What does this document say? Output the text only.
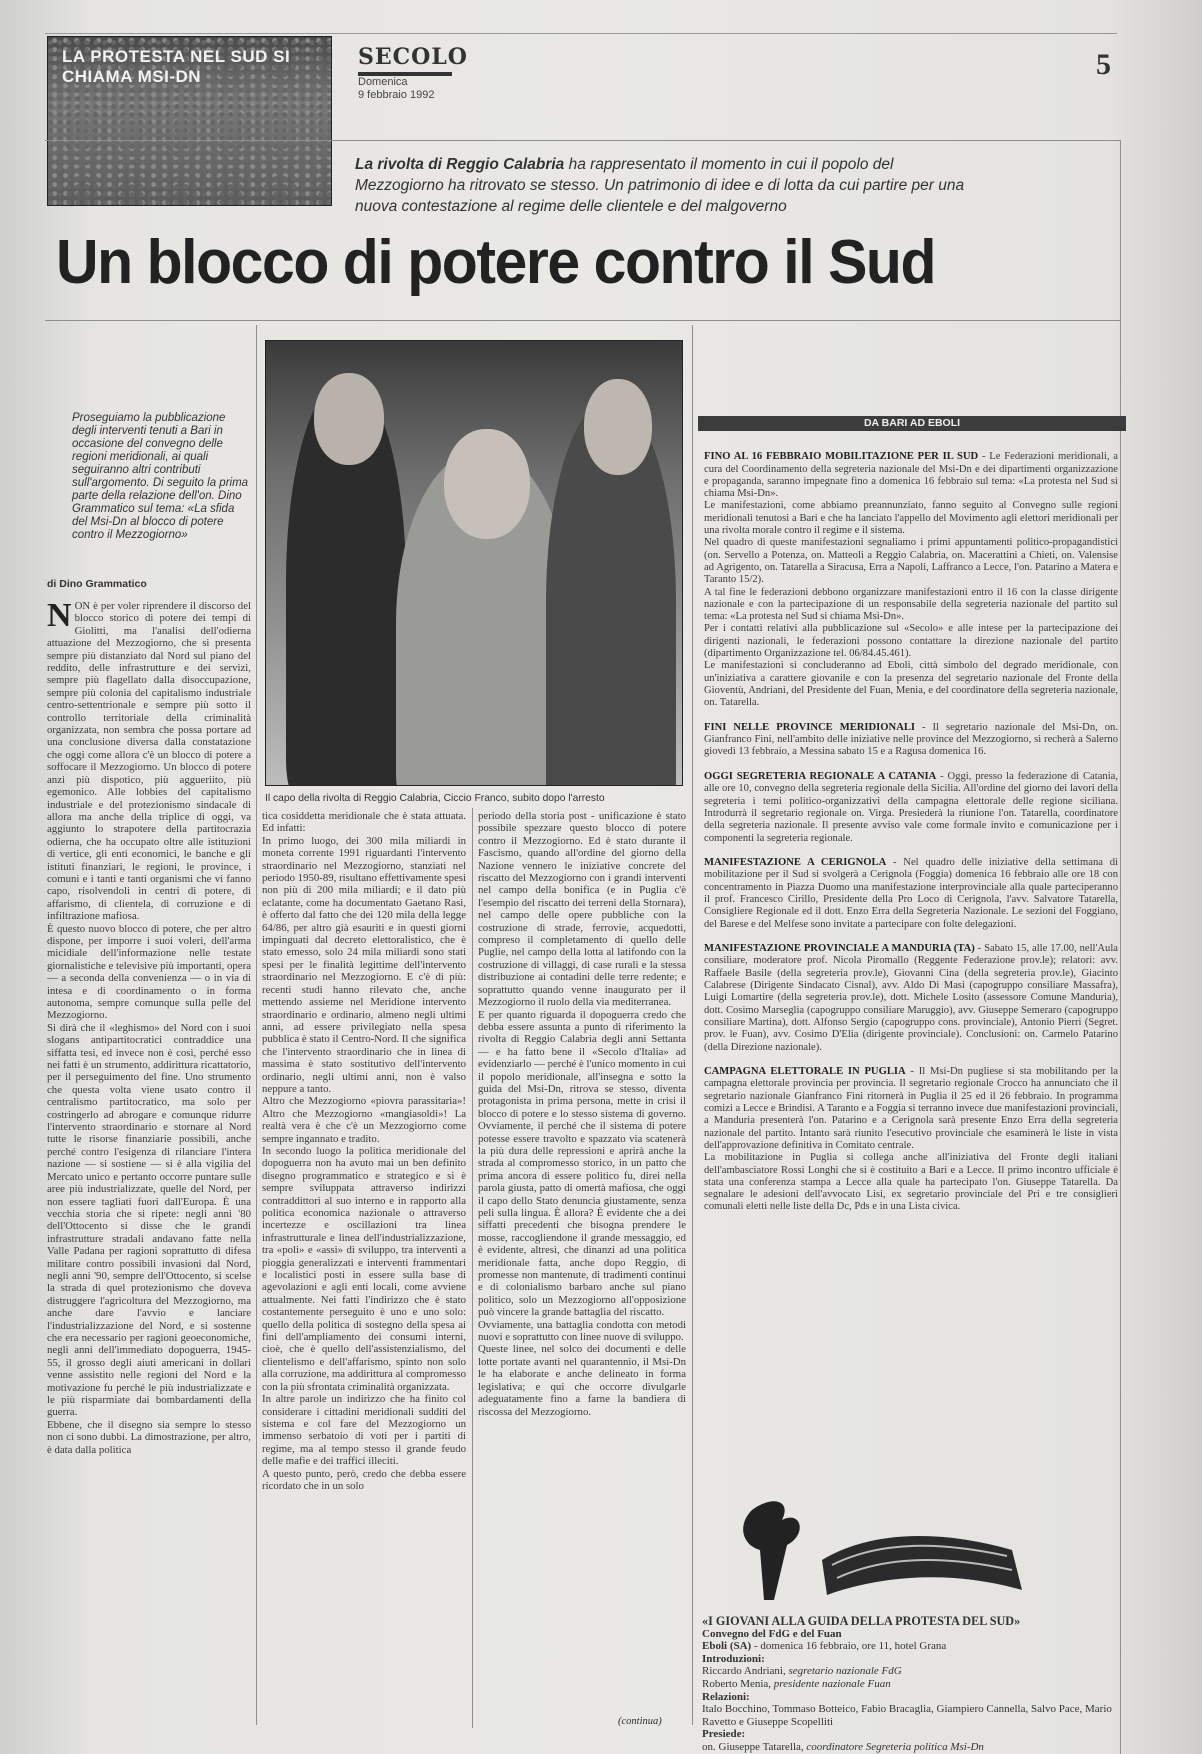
LA PROTESTA NEL SUD SI CHIAMA MSI-DN
SECOLO
Domenica
9 febbraio 1992
5
La rivolta di Reggio Calabria ha rappresentato il momento in cui il popolo del Mezzogiorno ha ritrovato se stesso. Un patrimonio di idee e di lotta da cui partire per una nuova contestazione al regime delle clientele e del malgoverno
Un blocco di potere contro il Sud
Proseguiamo la pubblicazione degli interventi tenuti a Bari in occasione del convegno delle regioni meridionali, ai quali seguiranno altri contributi sull'argomento. Di seguito la prima parte della relazione dell'on. Dino Grammatico sul tema: «La sfida del Msi-Dn al blocco di potere contro il Mezzogiorno»
di Dino Grammatico
NON è per voler riprendere il discorso del blocco storico di potere dei tempi di Giolitti, ma l'analisi dell'odierna attuazione del Mezzogiorno, che si presenta sempre più distanziato dal Nord sul piano del reddito, delle infrastrutture e dei servizi, sempre più flagellato dalla disoccupazione, sempre più colonia del capitalismo industriale centro-settentrionale e sempre più sotto il controllo territoriale della criminalità organizzata, non sembra che possa portare ad una conclusione diversa dalla constatazione che oggi come allora c'è un blocco di potere a soffocare il Mezzogiorno. Un blocco di potere anzi più dispotico, più aggueriito, più egemonico. Alle lobbies del capitalismo industriale e del protezionismo sindacale di allora ma anche della triplice di oggi, va aggiunto lo strapotere della partitocrazia odierna, che ha occupato oltre alle istituzioni di vertice, gli enti economici, le banche e gli istituti finanziari, le regioni, le province, i comuni e i tanti e tanti organismi che vi fanno capo, risolvendoli in centri di potere, di affarismo, di clientela, di corruzione e di infiltrazione mafiosa.
È questo nuovo blocco di potere, che per altro dispone, per imporre i suoi voleri, dell'arma micidiale dell'informazione nelle testate giornalistiche e televisive più importanti, opera — a seconda della convenienza — o in via di intesa e di coordinamento o in forma autonoma, sempre comunque sulla pelle del Mezzogiorno.
Si dirà che il «leghismo» del Nord con i suoi slogans antipartitocratici contraddice una siffatta tesi, ed invece non è così, perché esso nei fatti è un strumento, addirittura ricattatorio, per il perseguimento del fine. Uno strumento che questa volta viene usato contro il centralismo partitocratico, ma solo per costringerlo ad abrogare e comunque ridurre l'intervento straordinario e stornare al Nord tutte le risorse finanziarie possibili, anche perché contro l'esigenza di rilanciare l'intera nazione — si sostiene — si è alla vigilia del Mercato unico e pertanto occorre puntare sulle aree più industrializzate, quelle del Nord, per non essere tagliati fuori dall'Europa. È una vecchia storia che si ripete: negli anni '80 dell'Ottocento si disse che le grandi infrastrutture stradali andavano fatte nella Valle Padana per ragioni soprattutto di difesa militare contro possibili invasioni dal Nord, negli anni '90, sempre dell'Ottocento, si scelse la strada di quel protezionismo che doveva distruggere l'agricoltura del Mezzogiorno, ma anche dare l'avvio e lanciare l'industrializzazione del Nord, e si sostenne che era necessario per ragioni geoeconomiche, negli anni dell'immediato dopoguerra, 1945-55, il grosso degli aiuti americani in dollari venne assistito nelle regioni del Nord e la motivazione fu perché le più industrializzate e le più risparmiate dai bombardamenti della guerra.
Ebbene, che il disegno sia sempre lo stesso non ci sono dubbi. La dimostrazione, per altro, è data dalla politica
Il capo della rivolta di Reggio Calabria, Ciccio Franco, subito dopo l'arresto
tica cosiddetta meridionale che è stata attuata. Ed infatti:
In primo luogo, dei 300 mila miliardi in moneta corrente 1991 riguardanti l'intervento straordinario nel Mezzogiorno, stanziati nel periodo 1950-89, risultano effettivamente spesi non più di 200 mila miliardi; e il dato più eclatante, come ha documentato Gaetano Rasi, è offerto dal fatto che dei 120 mila della legge 64/86, per altro già esauriti e in questi giorni impinguati dal decreto elettoralistico, che è stato emesso, solo 24 mila miliardi sono stati spesi per le finalità legittime dell'intervento straordinario nel Mezzogiorno. E c'è di più: recenti studi hanno rilevato che, anche mettendo assieme nel Meridione intervento straordinario e ordinario, almeno negli ultimi anni, ad essere privilegiato nella spesa pubblica è stato il Centro-Nord. Il che significa che l'intervento straordinario che in linea di massima è stato sostitutivo dell'intervento ordinario, negli ultimi anni, non è valso neppure a tanto.
Altro che Mezzogiorno «piovra parassitaria»! Altro che Mezzogiorno «mangiasoldi»! La realtà vera è che c'è un Mezzogiorno come sempre ingannato e tradito.
In secondo luogo la politica meridionale del dopoguerra non ha avuto mai un ben definito disegno programmatico e strategico e si è sempre sviluppata attraverso indirizzi contraddittori al suo interno e in rapporto alla politica economica nazionale o attraverso incertezze e oscillazioni tra linea infrastrutturale e linea dell'industrializzazione, tra «poli» e «assi» di sviluppo, tra interventi a pioggia generalizzati e interventi frammentari e localistici posti in essere sulla base di agevolazioni e agli enti locali, come avviene attualmente. Nei fatti l'indirizzo che è stato costantemente perseguito è uno e uno solo: quello della politica di sostegno della spesa ai fini dell'ampliamento dei consumi interni, cioè, che è quello dell'assistenzialismo, del clientelismo e dell'affarismo, spinto non solo alla corruzione, ma addirittura al compromesso con la più sfrontata criminalità organizzata.
In altre parole un indirizzo che ha finito col considerare i cittadini meridionali sudditi del sistema e col fare del Mezzogiorno un immenso serbatoio di voti per i partiti di regime, ma al tempo stesso il grande feudo delle mafie e dei traffici illeciti.
A questo punto, però, credo che debba essere ricordato che in un solo
periodo della storia post - unificazione è stato possibile spezzare questo blocco di potere contro il Mezzogiorno. Ed è stato durante il Fascismo, quando all'ordine del giorno della Nazione vennero le iniziative concrete del riscatto del Mezzogiorno con i grandi interventi nel campo della bonifica (e in Puglia c'è l'esempio del riscatto dei terreni della Stornara), nel campo delle opere pubbliche con la costruzione di strade, ferrovie, acquedotti, compreso il completamento di quello delle Puglie, nel campo della lotta al latifondo con la costruzione di villaggi, di case rurali e la stessa distribuzione ai contadini delle terre redente; e soprattutto quando venne inaugurato per il Mezzogiorno il ruolo della via mediterranea.
E per quanto riguarda il dopoguerra credo che debba essere assunta a punto di riferimento la rivolta di Reggio Calabria degli anni Settanta — e ha fatto bene il «Secolo d'Italia» ad evidenziarlo — perché è l'unico momento in cui il popolo meridionale, all'insegna e sotto la guida del Msi-Dn, ritrova se stesso, diventa protagonista in prima persona, mette in crisi il blocco di potere e lo stesso sistema di governo. Ovviamente, il perché che il sistema di potere potesse essere travolto e spazzato via scatenerà la più dura delle repressioni e aprirà anche la strada al compromesso storico, in un patto che prima ancora di essere politico fu, direi nella parola giusta, patto di omertà mafiosa, che oggi il capo dello Stato denuncia giustamente, senza peli sulla lingua. È allora? È evidente che a dei siffatti precedenti che bisogna prendere le mosse, raccogliendone il grande messaggio, ed è evidente, altresì, che dinanzi ad una politica meridionale fatta, anche dopo Reggio, di promesse non mantenute, di tradimenti continui e di colonialismo barbaro anche sul piano politico, solo un Mezzogiorno all'opposizione può vincere la grande battaglia del riscatto.
Ovviamente, una battaglia condotta con metodi nuovi e soprattutto con linee nuove di sviluppo.
Queste linee, nel solco dei documenti e delle lotte portate avanti nel quarantennio, il Msi-Dn le ha elaborate e anche delineato in forma legislativa; e qui che occorre divulgarle adeguatamente fino a farne la bandiera di riscossa del Mezzogiorno.
(continua)
DA BARI AD EBOLI

FINO AL 16 FEBBRAIO MOBILITAZIONE PER IL SUD - Le Federazioni meridionali, a cura del Coordinamento della segreteria nazionale del Msi-Dn e dei dipartimenti organizzazione e propaganda, saranno impegnate fino a domenica 16 febbraio sul tema: «La protesta nel Sud si chiama Msi-Dn».
Le manifestazioni, come abbiamo preannunziato, fanno seguito al Convegno sulle regioni meridionali tenutosi a Bari e che ha lanciato l'appello del Movimento agli elettori meridionali per una rivolta morale contro il regime e il sistema.
Nel quadro di queste manifestazioni segnaliamo i primi appuntamenti politico-propagandistici (on. Servello a Potenza, on. Matteoli a Reggio Calabria, on. Macerattini a Chieti, on. Valensise ad Agrigento, on. Tatarella a Siracusa, Erra a Napoli, Laffranco a Lecce, l'on. Patarino a Matera e Taranto 15/2).
A tal fine le federazioni debbono organizzare manifestazioni entro il 16 con la classe dirigente nazionale e con la partecipazione di un responsabile della segreteria nazionale del partito sul tema: «La protesta nel Sud si chiama Msi-Dn».
Per i contatti relativi alla pubblicazione sul «Secolo» e alle intese per la partecipazione dei dirigenti nazionali, le federazioni possono contattare la direzione nazionale del partito (dipartimento Organizzazione tel. 06/84.45.461).
Le manifestazioni si concluderanno ad Eboli, città simbolo del degrado meridionale, con un'iniziativa a carattere giovanile e con la presenza del segretario nazionale del Fronte della Gioventù, Andriani, del Presidente del Fuan, Menia, e del coordinatore della segreteria nazionale, on. Tatarella.

FINI NELLE PROVINCE MERIDIONALI - Il segretario nazionale del Msi-Dn, on. Gianfranco Fini, nell'ambito delle iniziative nelle province del Mezzogiorno, si recherà a Salerno giovedì 13 febbraio, a Messina sabato 15 e a Ragusa domenica 16.

OGGI SEGRETERIA REGIONALE A CATANIA - Oggi, presso la federazione di Catania, alle ore 10, convegno della segreteria regionale della Sicilia. All'ordine del giorno dei lavori della segreteria i temi politico-organizzativi della campagna elettorale delle regione siciliana. Introdurrà il segretario regionale on. Virga. Presiederà la riunione l'on. Tatarella, coordinatore della segreteria nazionale. Il presente avviso vale come formale invito e comunicazione per i componenti la segreteria regionale.

MANIFESTAZIONE A CERIGNOLA - Nel quadro delle iniziative della settimana di mobilitazione per il Sud si svolgerà a Cerignola (Foggia) domenica 16 febbraio alle ore 18 con concentramento in Piazza Duomo una manifestazione interprovinciale alla quale parteciperanno il prof. Francesco Cirillo, Presidente della Pro Loco di Cerignola, l'avv. Salvatore Tatarella, Consigliere Regionale ed il dott. Enzo Erra della Segreteria Nazionale. Le sezioni del Foggiano, del Barese e del Melfese sono invitate a partecipare con folte delegazioni.

MANIFESTAZIONE PROVINCIALE A MANDURIA (TA) - Sabato 15, alle 17.00, nell'Aula consiliare, moderatore prof. Nicola Piromallo (Reggente Federazione prov.le); relatori: avv. Raffaele Basile (della segreteria prov.le), Giovanni Cina (della segreteria prov.le), Giacinto Calabrese (Dirigente Sindacato Cisnal), avv. Aldo Di Masi (capogruppo consiliare Massafra), Luigi Lomartire (della segreteria prov.le), dott. Michele Losito (assessore Comune Manduria), dott. Cosimo Marseglia (capogruppo consiliare Maruggio), avv. Giuseppe Semeraro (capogruppo consiliare Martina), dott. Alfonso Sergio (capogruppo cons. provinciale), Antonio Pierri (Segret. prov. le Fuan), avv. Cosimo D'Elia (dirigente provinciale). Conclusioni: on. Carmelo Patarino (della Direzione nazionale).

CAMPAGNA ELETTORALE IN PUGLIA - Il Msi-Dn pugliese si sta mobilitando per la campagna elettorale provincia per provincia. Il segretario regionale Crocco ha annunciato che il segretario nazionale Gianfranco Fini ritornerà in Puglia il 25 ed il 26 febbraio. In programma comizi a Lecce e Brindisi. A Taranto e a Foggia si terranno invece due manifestazioni provinciali, a Manduria presenterà l'on. Patarino e a Cerignola sarà presente Enzo Erra della segreteria nazionale del partito. Intanto sarà riunito l'esecutivo provinciale che esaminerà le liste in vista dell'approvazione definitiva in Comitato centrale.
La mobilitazione in Puglia si collega anche all'iniziativa del Fronte degli italiani dell'ambasciatore Rossi Longhi che si è costituito a Bari e a Lecce. Il primo incontro ufficiale è stata una conferenza stampa a Lecce alla quale ha partecipato l'on. Giuseppe Tatarella. Da segnalare le adesioni dell'avvocato Lisi, ex segretario provinciale del Pri e tre consiglieri comunali eletti nelle liste della Dc, Pds e in una Lista civica.

«I GIOVANI ALLA GUIDA DELLA PROTESTA DEL SUD»
Convegno del FdG e del Fuan
Eboli (SA) - domenica 16 febbraio, ore 11, hotel Grana
Introduzioni:
Riccardo Andriani, segretario nazionale FdG
Roberto Menia, presidente nazionale Fuan
Relazioni:
Italo Bocchino, Tommaso Botteico, Fabio Bracaglia, Giampiero Cannella, Salvo Pace, Mario Ravetto e Giuseppe Scopelliti
Presiede:
on. Giuseppe Tatarella, coordinatore Segreteria politica Msi-Dn
